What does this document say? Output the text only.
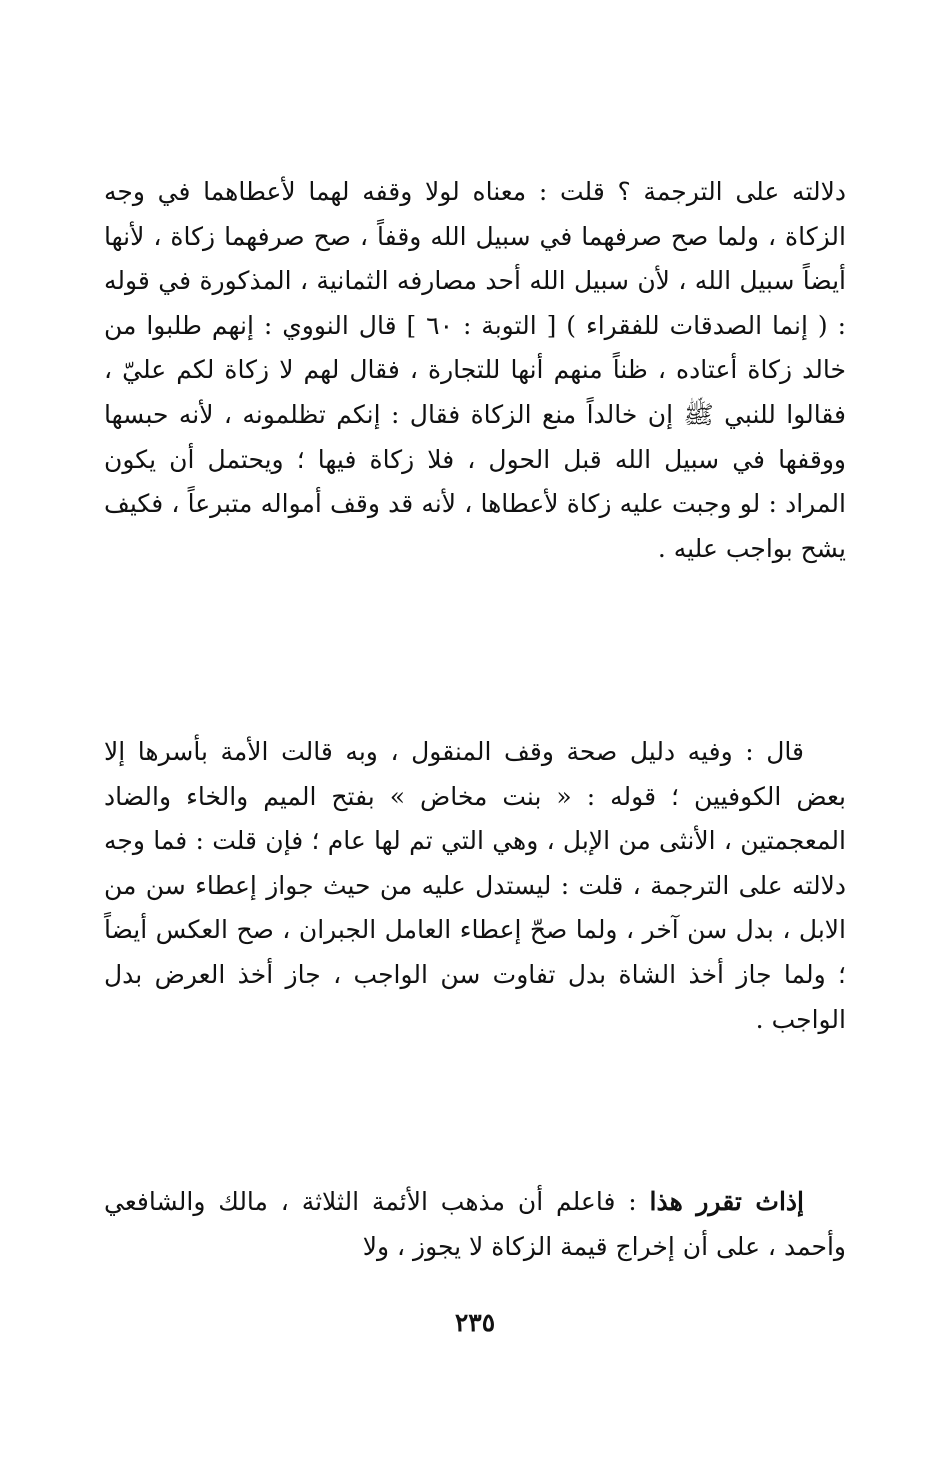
دلالته على الترجمة ؟ قلت : معناه لولا وقفه لهما لأعطاهما في وجه الزكاة ، ولما صح صرفهما في سبيل الله وقفاً ، صح صرفهما زكاة ، لأنها أيضاً سبيل الله ، لأن سبيل الله أحد مصارفه الثمانية ، المذكورة في قوله : ( إنما الصدقات للفقراء ) [ التوبة : ٦٠ ] قال النووي : إنهم طلبوا من خالد زكاة أعتاده ، ظناً منهم أنها للتجارة ، فقال لهم لا زكاة لكم عليّ ، فقالوا للنبي ﷺ إن خالداً منع الزكاة فقال : إنكم تظلمونه ، لأنه حبسها ووقفها في سبيل الله قبل الحول ، فلا زكاة فيها ؛ ويحتمل أن يكون المراد : لو وجبت عليه زكاة لأعطاها ، لأنه قد وقف أمواله متبرعاً ، فكيف يشح بواجب عليه .
قال : وفيه دليل صحة وقف المنقول ، وبه قالت الأمة بأسرها إلا بعض الكوفيين ؛ قوله : « بنت مخاض » بفتح الميم والخاء والضاد المعجمتين ، الأنثى من الإبل ، وهي التي تم لها عام ؛ فإن قلت : فما وجه دلالته على الترجمة ، قلت : ليستدل عليه من حيث جواز إعطاء سن من الابل ، بدل سن آخر ، ولما صحّ إعطاء العامل الجبران ، صح العكس أيضاً ؛ ولما جاز أخذ الشاة بدل تفاوت سن الواجب ، جاز أخذ العرض بدل الواجب .
إذاث تقرر هذا : فاعلم أن مذهب الأئمة الثلاثة ، مالك والشافعي وأحمد ، على أن إخراج قيمة الزكاة لا يجوز ، ولا
٢٣٥
